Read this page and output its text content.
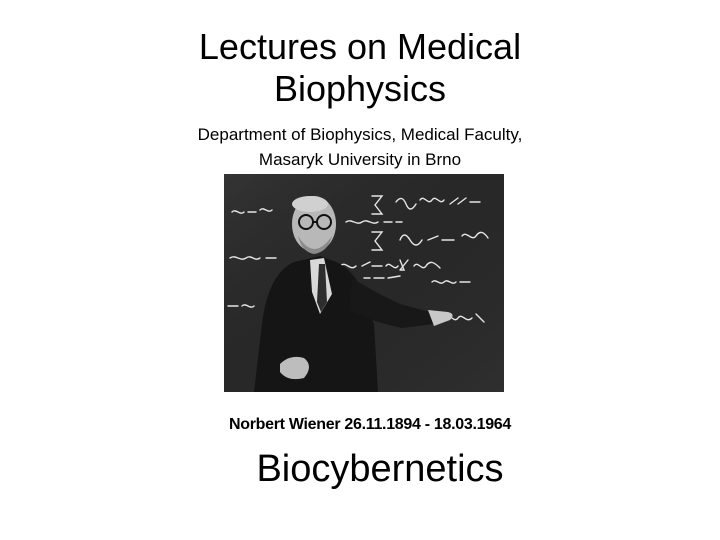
Lectures on Medical
Biophysics
Department of Biophysics, Medical Faculty,
Masaryk University in Brno
Norbert Wiener 26.11.1894 - 18.03.1964
Biocybernetics
